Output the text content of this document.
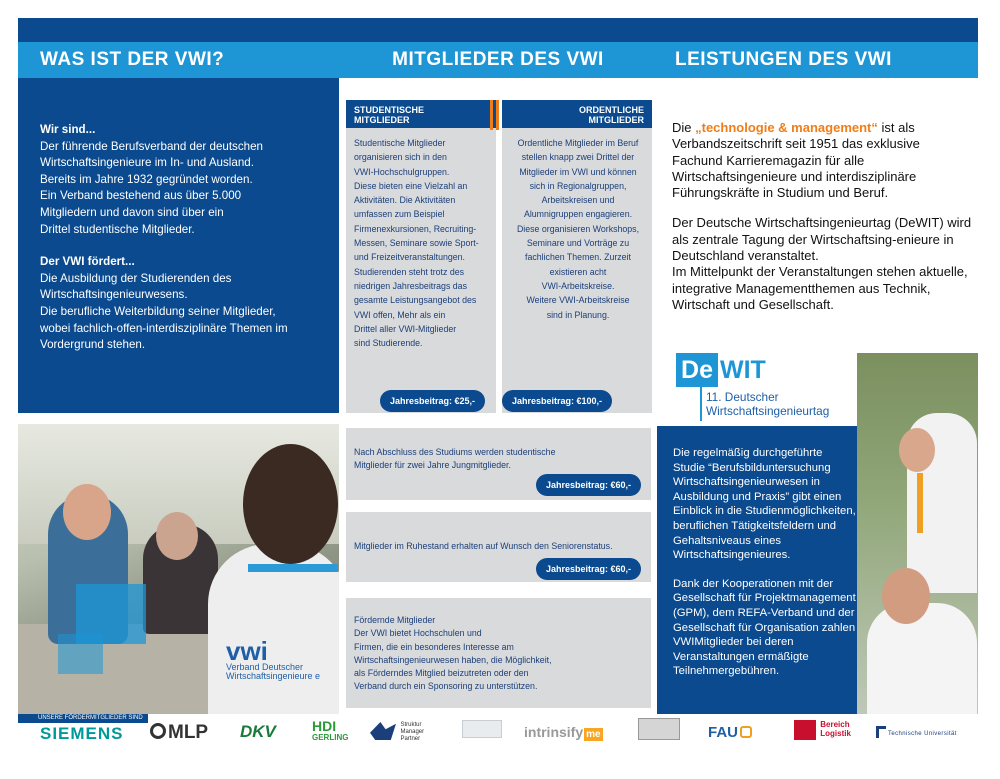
WAS IST DER VWI?	MITGLIEDER DES VWI	LEISTUNGEN DES VWI
Wir sind...
Der führende Berufsverband der deutschen
Wirtschaftsingenieure im In- und Ausland.
Bereits im Jahre 1932 gegründet worden.
Ein Verband bestehend aus über 5.000
Mitgliedern und davon sind über ein
Drittel studentische Mitglieder.
Der VWI fördert...
Die Ausbildung der Studierenden des
Wirtschaftsingenieurwesens.
Die berufliche Weiterbildung seiner Mitglieder,
wobei fachlich-offen-interdisziplinäre Themen im
Vordergrund stehen.
vwi
Verband Deutscher
Wirtschaftsingenieure e
STUDENTISCHE
MITGLIEDER
Studentische Mitglieder
organisieren sich in den
VWI-Hochschulgruppen.
Diese bieten eine Vielzahl an
Aktivitäten. Die Aktivitäten
umfassen zum Beispiel
Firmenexkursionen, Recruiting-
Messen, Seminare sowie Sport-
und Freizeitveranstaltungen.
Studierenden steht trotz des
niedrigen Jahresbeitrags das
gesamte Leistungsangebot des
VWI offen, Mehr als ein
Drittel aller VWI-Mitglieder
sind Studierende.
ORDENTLICHE
MITGLIEDER
Ordentliche Mitglieder im Beruf
stellen knapp zwei Drittel der
Mitglieder im VWI und können
sich in Regionalgruppen,
Arbeitskreisen und
Alumnigruppen engagieren.
Diese organisieren Workshops,
Seminare und Vorträge zu
fachlichen Themen. Zurzeit
existieren acht
VWI-Arbeitskreise.
Weitere VWI-Arbeitskreise
sind in Planung.
Jahresbeitrag: €25,-	Jahresbeitrag: €100,-
Nach Abschluss des Studiums werden studentische
Mitglieder für zwei Jahre Jungmitglieder.
Jahresbeitrag: €60,-
Mitglieder im Ruhestand erhalten auf Wunsch den Seniorenstatus.
Jahresbeitrag: €60,-
Fördernde Mitglieder
Der VWI bietet Hochschulen und
Firmen, die ein besonderes Interesse am
Wirtschaftsingenieurwesen haben, die Möglichkeit,
als Förderndes Mitglied beizutreten oder den
Verband durch ein Sponsoring zu unterstützen.
Die „technologie & management“ ist als Verbandszeitschrift seit 1951 das exklusive Fachund Karrieremagazin für alle Wirtschaftsingenieure und interdisziplinäre Führungskräfte in Studium und Beruf.
Der Deutsche Wirtschaftsingenieurtag (DeWIT) wird als zentrale Tagung der Wirtschaftsing-enieure in Deutschland veranstaltet.
Im Mittelpunkt der Veranstaltungen stehen aktuelle, integrative Managementthemen aus Technik, Wirtschaft und Gesellschaft.
De WIT
11. Deutscher
Wirtschaftsingenieurtag
Die regelmäßig durchgeführte Studie “Berufsbilduntersuchung Wirtschaftsingenieurwesen in Ausbildung und Praxis” gibt einen Einblick in die Studienmöglichkeiten, beruflichen Tätigkeitsfeldern und Gehaltsniveaus eines Wirtschaftsingenieures.
Dank der Kooperationen mit der Gesellschaft für Projektmanagement (GPM), dem REFA-Verband und der Gesellschaft für Organisation zahlen VWIMitglieder bei deren Veranstaltungen ermäßigte Teilnehmergebühren.
UNSERE FÖRDERMITGLIEDER SIND
SIEMENS	MLP DKV	HDI
GERLING

Struktur
Manager
Partner	intrinsify me	FAU
	Bereich
Logistik	Technische Universität
